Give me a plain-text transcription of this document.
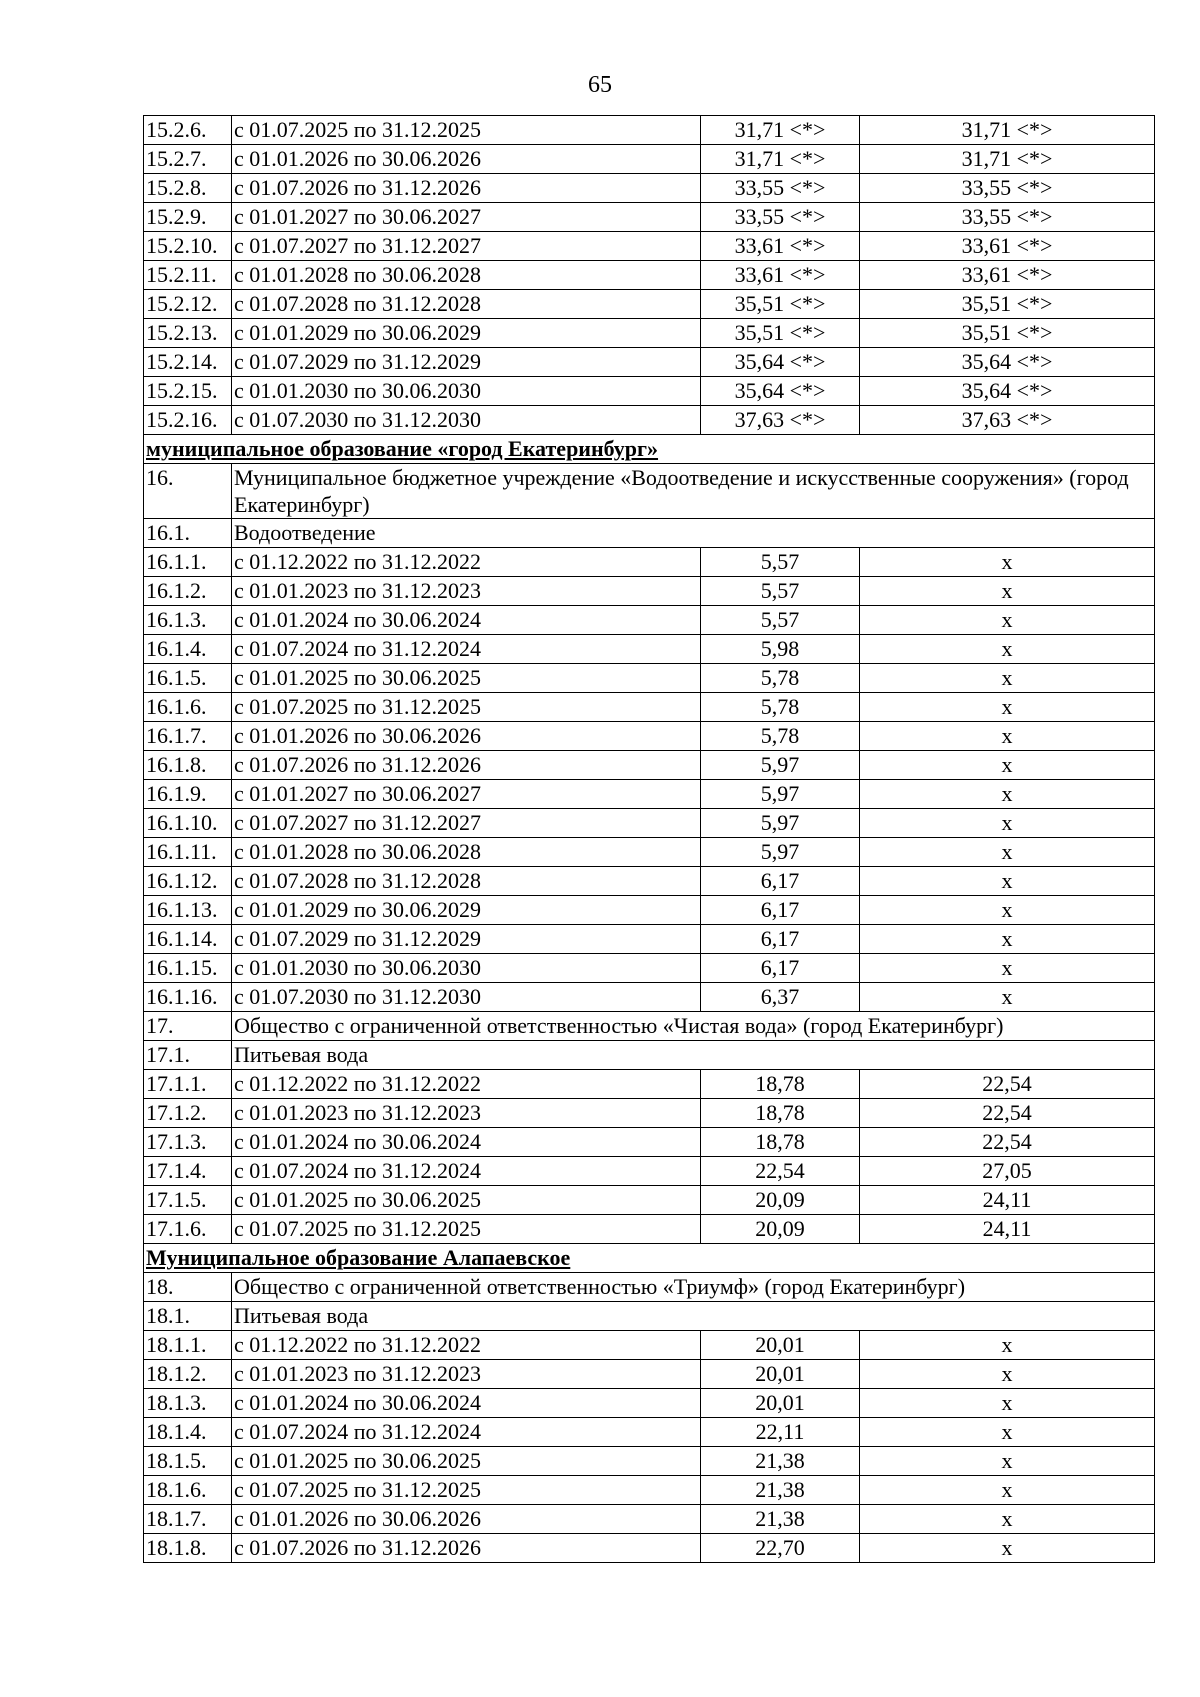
65
15.2.6.	с 01.07.2025 по 31.12.2025	31,71 <*>	31,71 <*>
15.2.7.	с 01.01.2026 по 30.06.2026	31,71 <*>	31,71 <*>
15.2.8.	с 01.07.2026 по 31.12.2026	33,55 <*>	33,55 <*>
15.2.9.	с 01.01.2027 по 30.06.2027	33,55 <*>	33,55 <*>
15.2.10.	с 01.07.2027 по 31.12.2027	33,61 <*>	33,61 <*>
15.2.11.	с 01.01.2028 по 30.06.2028	33,61 <*>	33,61 <*>
15.2.12.	с 01.07.2028 по 31.12.2028	35,51 <*>	35,51 <*>
15.2.13.	с 01.01.2029 по 30.06.2029	35,51 <*>	35,51 <*>
15.2.14.	с 01.07.2029 по 31.12.2029	35,64 <*>	35,64 <*>
15.2.15.	с 01.01.2030 по 30.06.2030	35,64 <*>	35,64 <*>
15.2.16.	с 01.07.2030 по 31.12.2030	37,63 <*>	37,63 <*>
муниципальное образование «город Екатеринбург»			
16.	Муниципальное бюджетное учреждение «Водоотведение и искусственные сооружения» (город Екатеринбург)		
16.1.	Водоотведение		
16.1.1.	с 01.12.2022 по 31.12.2022	5,57	х
16.1.2.	с 01.01.2023 по 31.12.2023	5,57	х
16.1.3.	с 01.01.2024 по 30.06.2024	5,57	х
16.1.4.	с 01.07.2024 по 31.12.2024	5,98	х
16.1.5.	с 01.01.2025 по 30.06.2025	5,78	х
16.1.6.	с 01.07.2025 по 31.12.2025	5,78	х
16.1.7.	с 01.01.2026 по 30.06.2026	5,78	х
16.1.8.	с 01.07.2026 по 31.12.2026	5,97	х
16.1.9.	с 01.01.2027 по 30.06.2027	5,97	х
16.1.10.	с 01.07.2027 по 31.12.2027	5,97	х
16.1.11.	с 01.01.2028 по 30.06.2028	5,97	х
16.1.12.	с 01.07.2028 по 31.12.2028	6,17	х
16.1.13.	с 01.01.2029 по 30.06.2029	6,17	х
16.1.14.	с 01.07.2029 по 31.12.2029	6,17	х
16.1.15.	с 01.01.2030 по 30.06.2030	6,17	х
16.1.16.	с 01.07.2030 по 31.12.2030	6,37	х
17.	Общество с ограниченной ответственностью «Чистая вода» (город Екатеринбург)		
17.1.	Питьевая вода		
17.1.1.	с 01.12.2022 по 31.12.2022	18,78	22,54
17.1.2.	с 01.01.2023 по 31.12.2023	18,78	22,54
17.1.3.	с 01.01.2024 по 30.06.2024	18,78	22,54
17.1.4.	с 01.07.2024 по 31.12.2024	22,54	27,05
17.1.5.	с 01.01.2025 по 30.06.2025	20,09	24,11
17.1.6.	с 01.07.2025 по 31.12.2025	20,09	24,11
Муниципальное образование Алапаевское			
18.	Общество с ограниченной ответственностью «Триумф» (город Екатеринбург)		
18.1.	Питьевая вода		
18.1.1.	с 01.12.2022 по 31.12.2022	20,01	х
18.1.2.	с 01.01.2023 по 31.12.2023	20,01	х
18.1.3.	с 01.01.2024 по 30.06.2024	20,01	х
18.1.4.	с 01.07.2024 по 31.12.2024	22,11	х
18.1.5.	с 01.01.2025 по 30.06.2025	21,38	х
18.1.6.	с 01.07.2025 по 31.12.2025	21,38	х
18.1.7.	с 01.01.2026 по 30.06.2026	21,38	х
18.1.8.	с 01.07.2026 по 31.12.2026	22,70	х
